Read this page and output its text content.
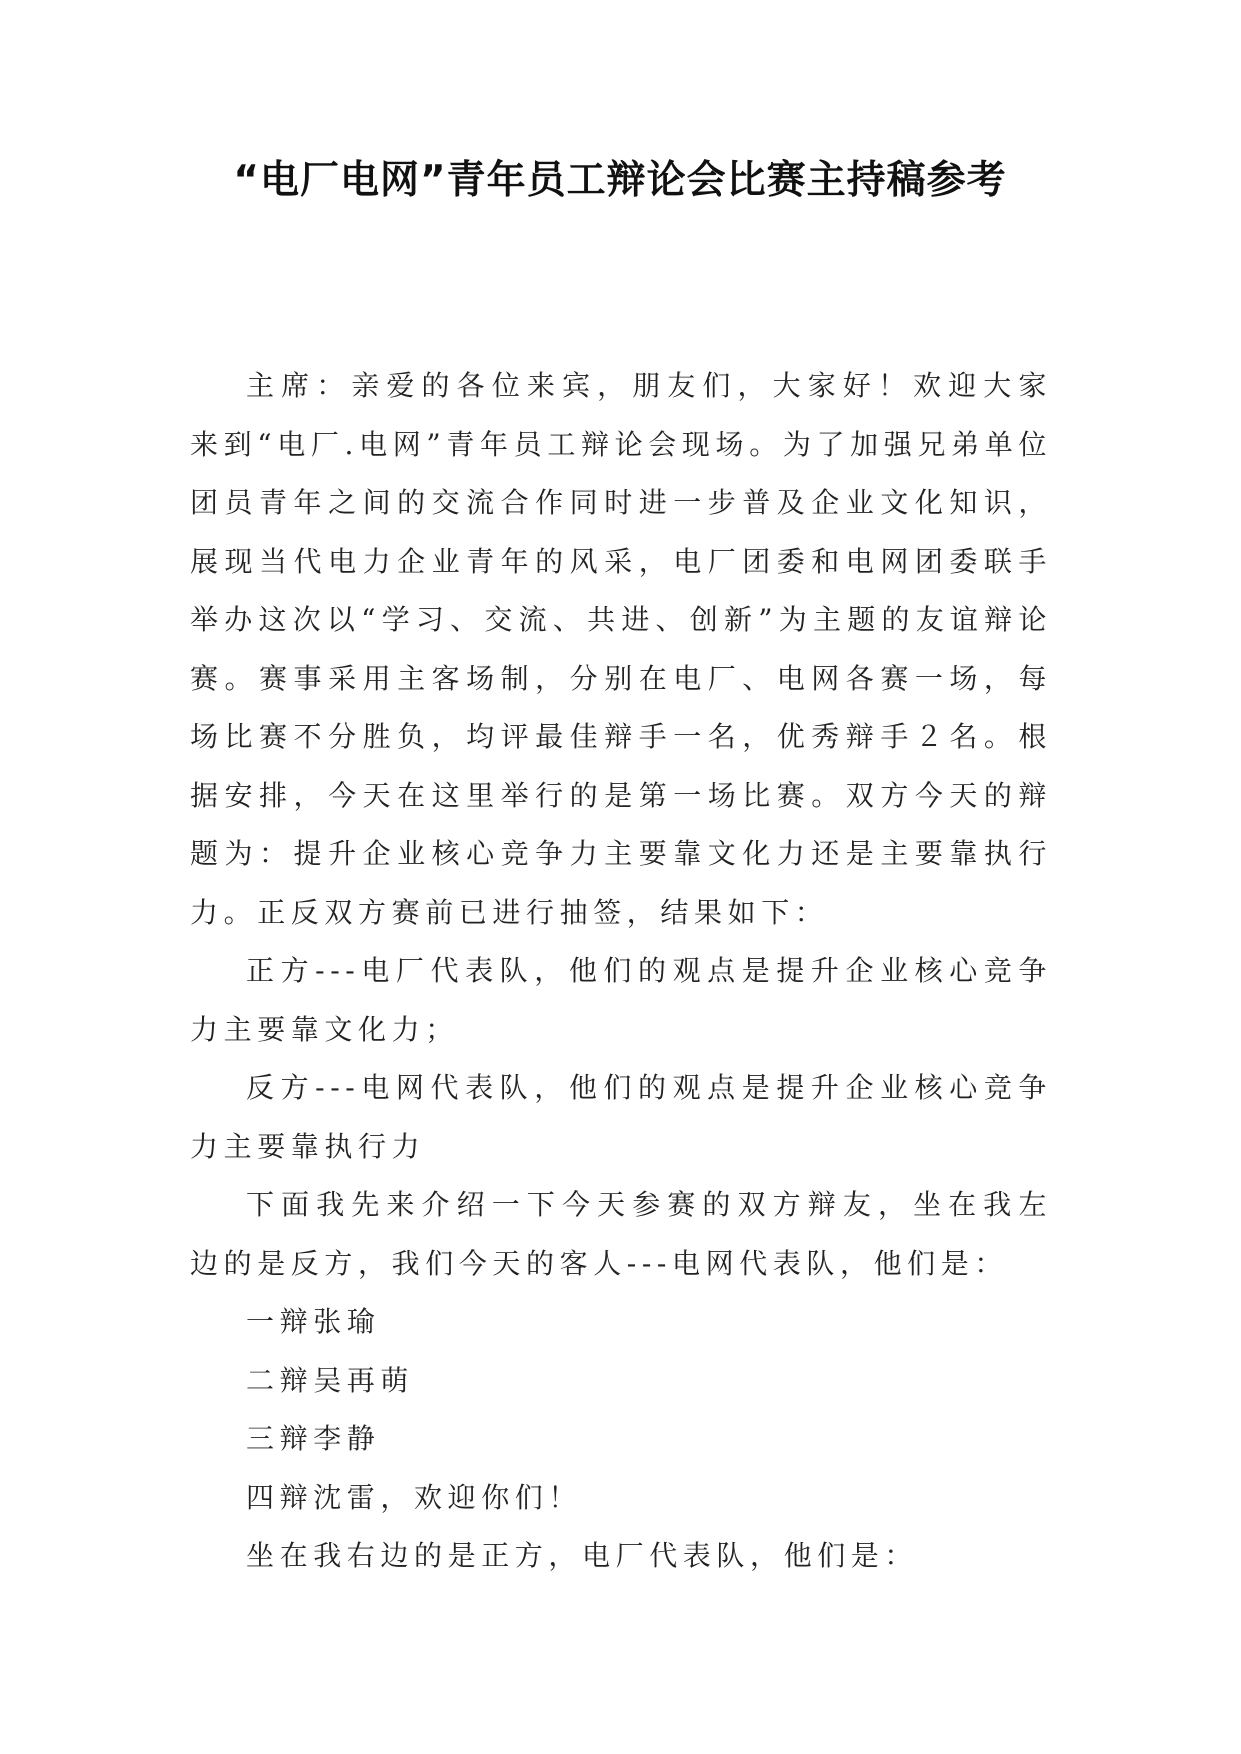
“电厂电网”青年员工辩论会比赛主持稿参考

主席：亲爱的各位来宾，朋友们，大家好！欢迎大家来到“电厂.电网”青年员工辩论会现场。为了加强兄弟单位团员青年之间的交流合作同时进一步普及企业文化知识，展现当代电力企业青年的风采，电厂团委和电网团委联手举办这次以“学习、交流、共进、创新”为主题的友谊辩论赛。赛事采用主客场制，分别在电厂、电网各赛一场，每场比赛不分胜负，均评最佳辩手一名，优秀辩手２名。根据安排，今天在这里举行的是第一场比赛。双方今天的辩题为：提升企业核心竞争力主要靠文化力还是主要靠执行力。正反双方赛前已进行抽签，结果如下：

正方---电厂代表队，他们的观点是提升企业核心竞争力主要靠文化力；

反方---电网代表队，他们的观点是提升企业核心竞争力主要靠执行力

下面我先来介绍一下今天参赛的双方辩友，坐在我左边的是反方，我们今天的客人---电网代表队，他们是：

一辩张瑜

二辩吴再萌

三辩李静

四辩沈雷，欢迎你们！

坐在我右边的是正方，电厂代表队，他们是：
